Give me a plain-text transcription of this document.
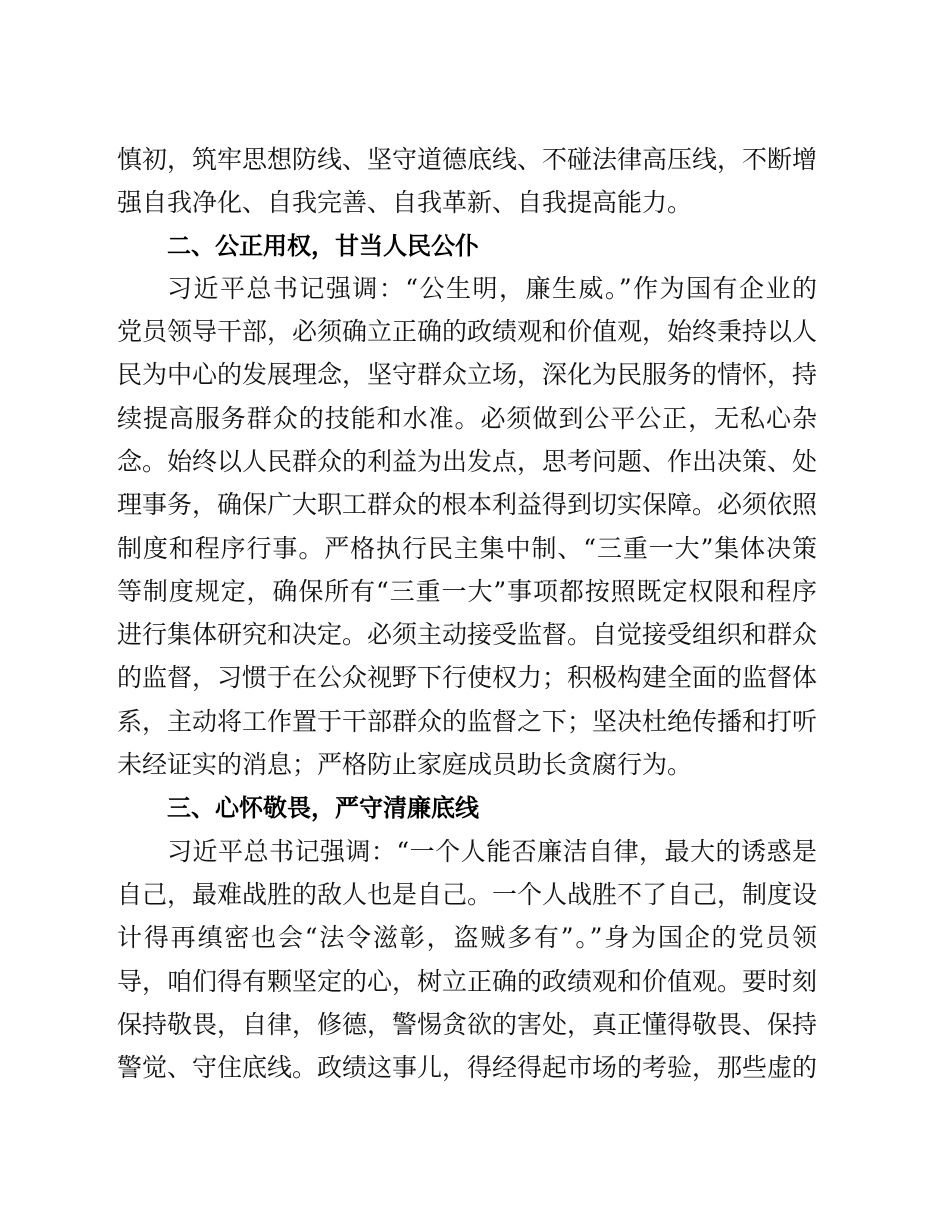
慎初，筑牢思想防线、坚守道德底线、不碰法律高压线，不断增
强自我净化、自我完善、自我革新、自我提高能力。
二、公正用权，甘当人民公仆
习近平总书记强调：“公生明，廉生威。”作为国有企业的
党员领导干部，必须确立正确的政绩观和价值观，始终秉持以人
民为中心的发展理念，坚守群众立场，深化为民服务的情怀，持
续提高服务群众的技能和水准。必须做到公平公正，无私心杂
念。始终以人民群众的利益为出发点，思考问题、作出决策、处
理事务，确保广大职工群众的根本利益得到切实保障。必须依照
制度和程序行事。严格执行民主集中制、“三重一大”集体决策
等制度规定，确保所有“三重一大”事项都按照既定权限和程序
进行集体研究和决定。必须主动接受监督。自觉接受组织和群众
的监督，习惯于在公众视野下行使权力；积极构建全面的监督体
系，主动将工作置于干部群众的监督之下；坚决杜绝传播和打听
未经证实的消息；严格防止家庭成员助长贪腐行为。
三、心怀敬畏，严守清廉底线
习近平总书记强调：“一个人能否廉洁自律，最大的诱惑是
自己，最难战胜的敌人也是自己。一个人战胜不了自己，制度设
计得再缜密也会“法令滋彰，盗贼多有”。”身为国企的党员领
导，咱们得有颗坚定的心，树立正确的政绩观和价值观。要时刻
保持敬畏，自律，修德，警惕贪欲的害处，真正懂得敬畏、保持
警觉、守住底线。政绩这事儿，得经得起市场的考验，那些虚的
